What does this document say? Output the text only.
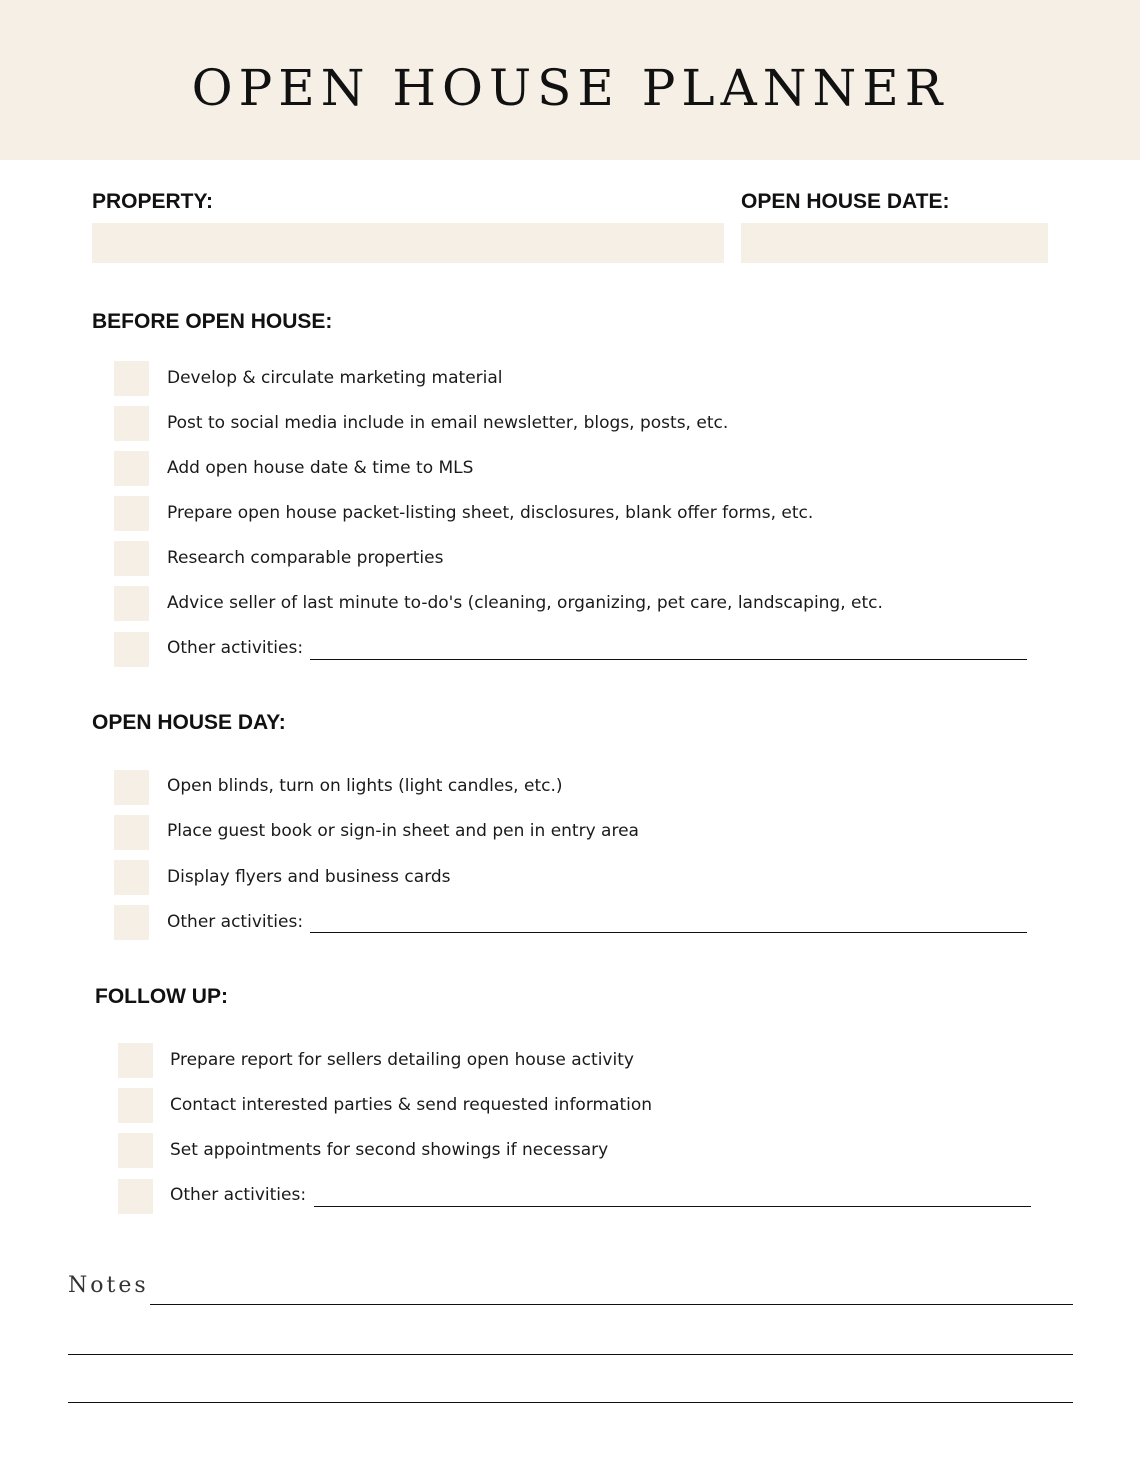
OPEN HOUSE PLANNER
PROPERTY:	OPEN HOUSE DATE:
BEFORE OPEN HOUSE:
Develop & circulate marketing material
Post to social media include in email newsletter, blogs, posts, etc.
Add open house date & time to MLS
Prepare open house packet-listing sheet, disclosures, blank offer forms, etc.
Research comparable properties
Advice seller of last minute to-do's (cleaning, organizing, pet care, landscaping, etc.
Other activities:
OPEN HOUSE DAY:
Open blinds, turn on lights (light candles, etc.)
Place guest book or sign-in sheet and pen in entry area
Display flyers and business cards
Other activities:
FOLLOW UP:
Prepare report for sellers detailing open house activity
Contact interested parties & send requested information
Set appointments for second showings if necessary
Other activities:
Notes
